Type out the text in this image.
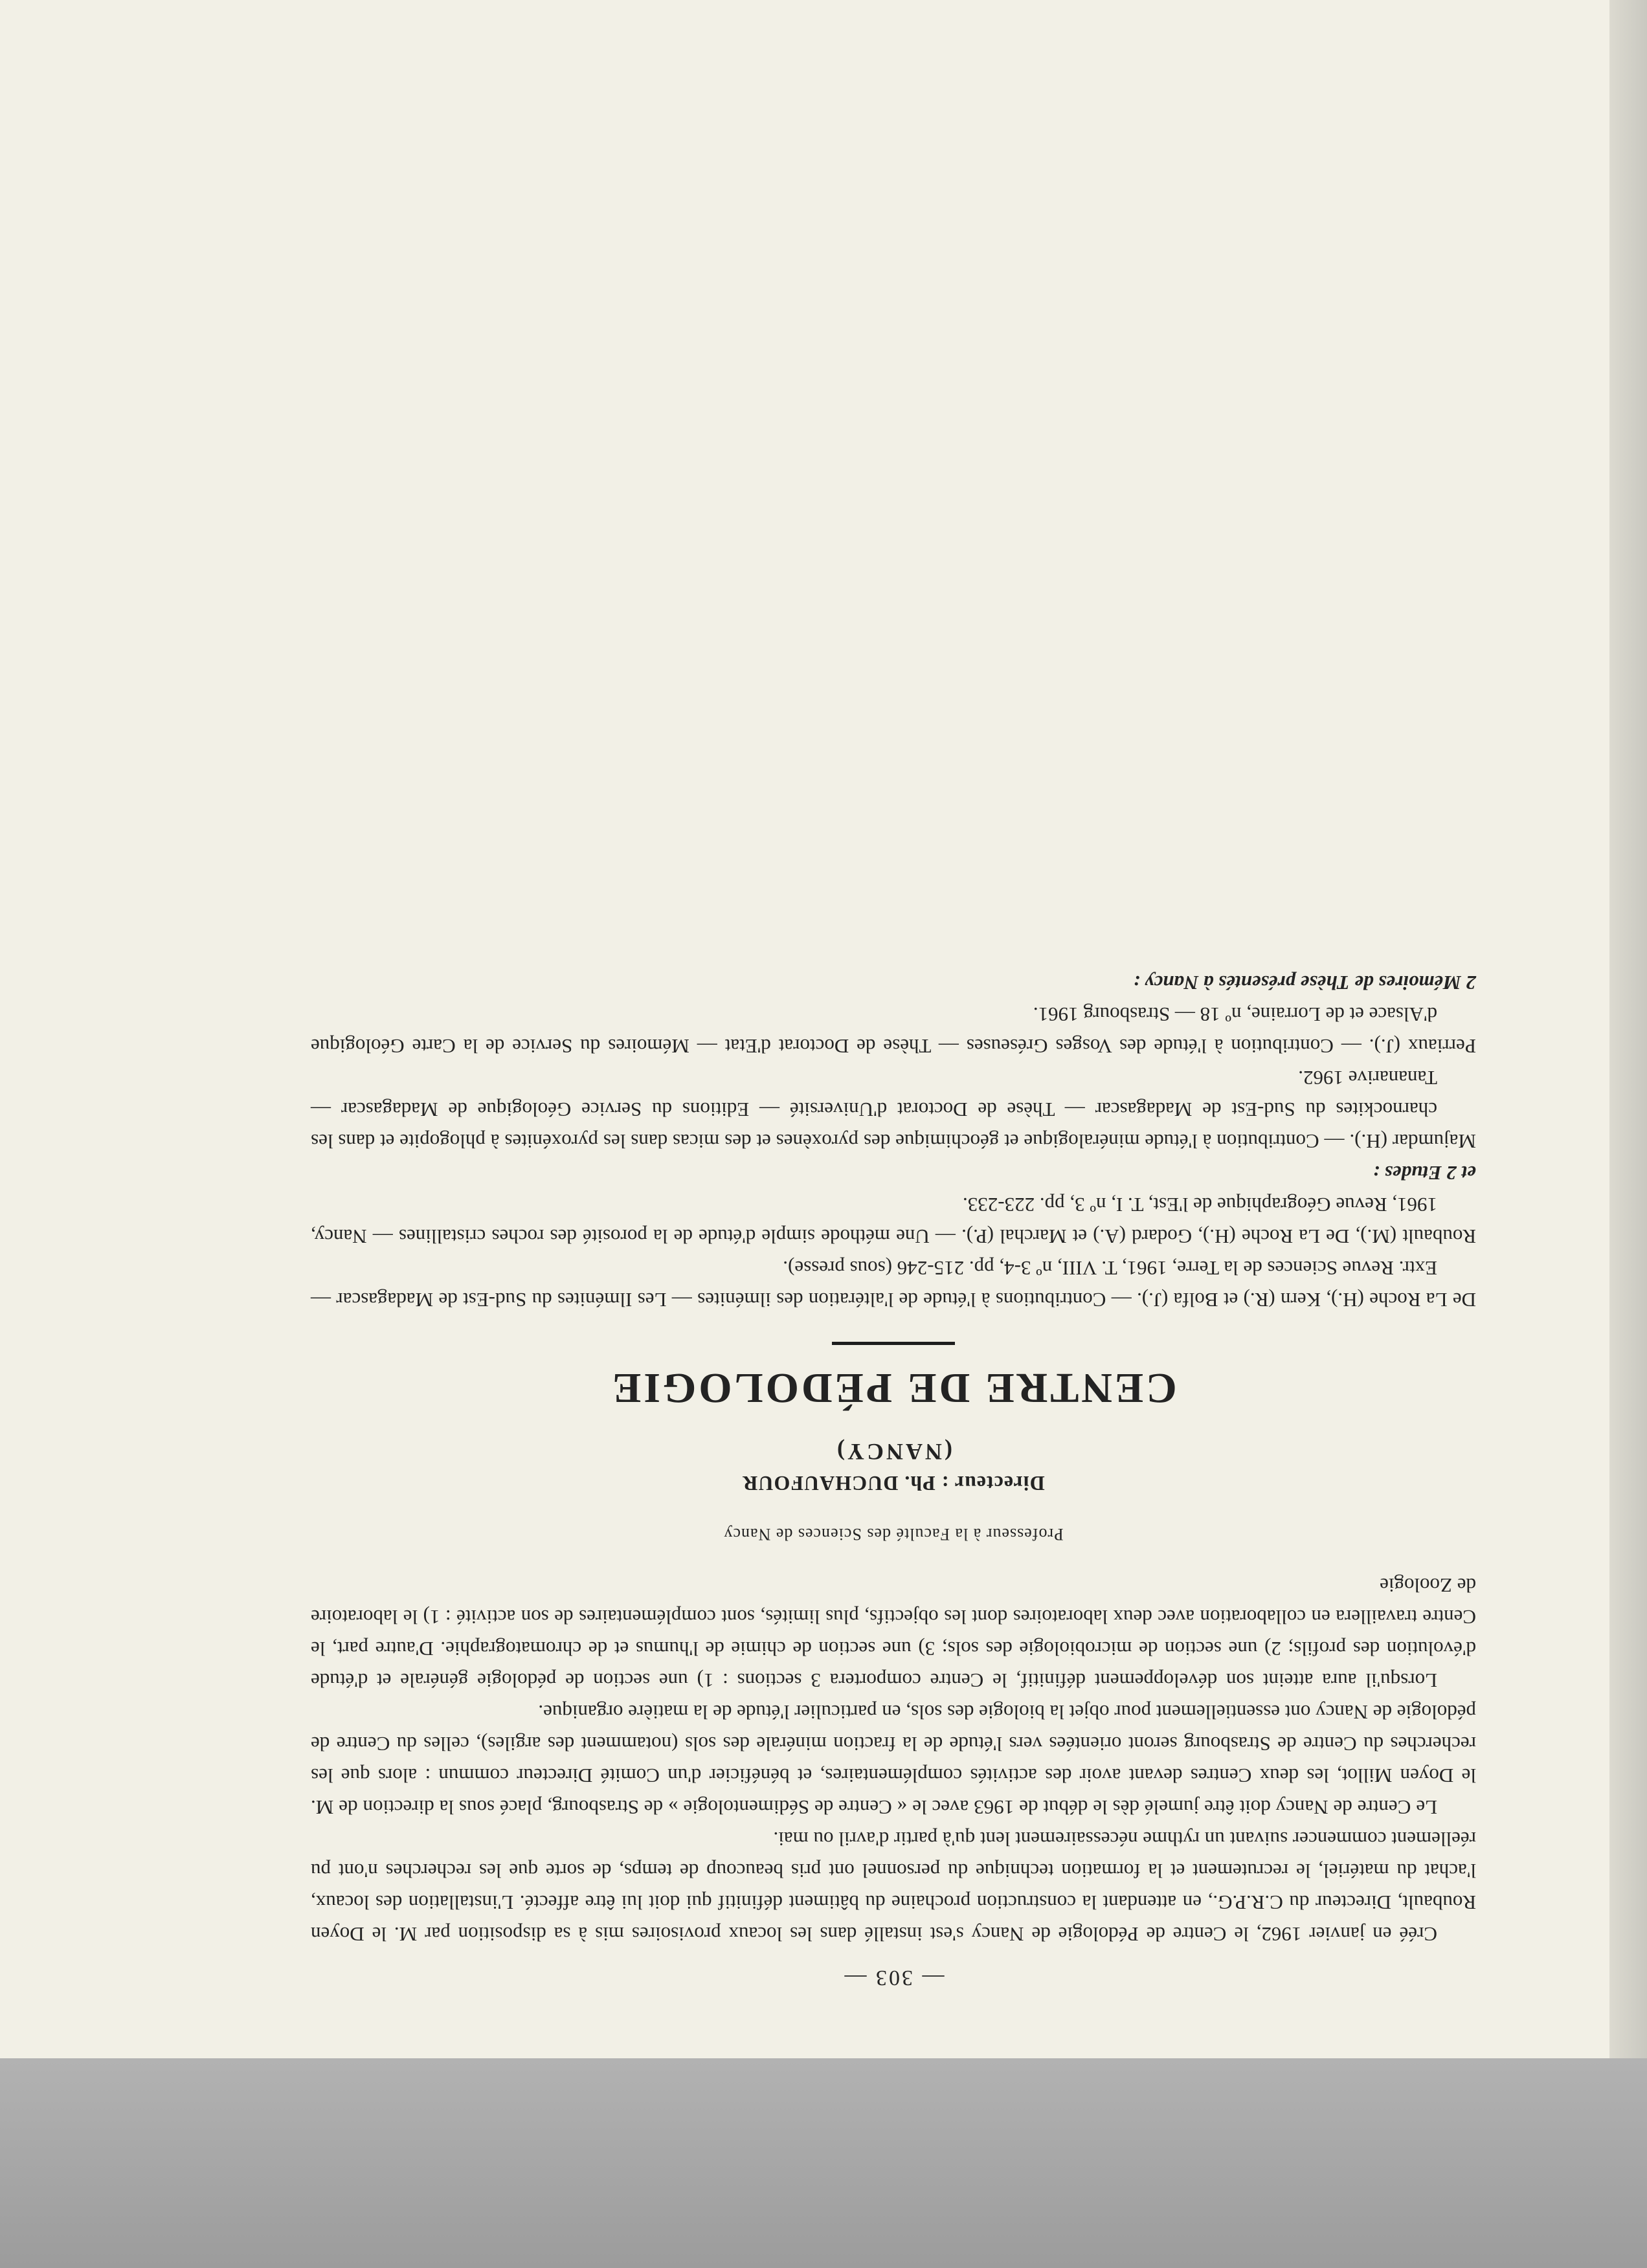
— 303 —

Créé en janvier 1962, le Centre de Pédologie de Nancy s'est installé dans les locaux provisoires mis à sa disposition par M. le Doyen Roubault, Directeur du C.R.P.G., en attendant la construction prochaine du bâtiment définitif qui doit lui être affecté. L'installation des locaux, l'achat du matériel, le recrutement et la formation technique du personnel ont pris beaucoup de temps, de sorte que les recherches n'ont pu réellement commencer suivant un rythme nécessairement lent qu'à partir d'avril ou mai.

Le Centre de Nancy doit être jumelé dès le début de 1963 avec le « Centre de Sédimentologie » de Strasbourg, placé sous la direction de M. le Doyen Millot, les deux Centres devant avoir des activités complémentaires, et bénéficier d'un Comité Directeur commun : alors que les recherches du Centre de Strasbourg seront orientées vers l'étude de la fraction minérale des sols (notamment des argiles), celles du Centre de pédologie de Nancy ont essentiellement pour objet la biologie des sols, en particulier l'étude de la matière organique.

Lorsqu'il aura atteint son développement définitif, le Centre comportera 3 sections : 1) une section de pédologie générale et d'étude d'évolution des profils; 2) une section de microbiologie des sols; 3) une section de chimie de l'humus et de chromatographie. D'autre part, le Centre travaillera en collaboration avec deux laboratoires dont les objectifs, plus limités, sont complémentaires de son activité : 1) le laboratoire de Zoologie

Professeur à la Faculté des Sciences de Nancy
Directeur : Ph. DUCHAUFOUR
(NANCY)
CENTRE DE PÉDOLOGIE

De La Roche (H.), Kern (R.) et Bolfa (J.). — Contributions à l'étude de l'altération des ilménites — Les Ilménites du Sud-Est de Madagascar — Extr. Revue Sciences de la Terre, 1961, T. VIII, nº 3-4, pp. 215-246 (sous presse).

Roubault (M.), De La Roche (H.), Godard (A.) et Marchal (P.). — Une méthode simple d'étude de la porosité des roches cristallines — Nancy, 1961, Revue Géographique de l'Est, T. I, nº 3, pp. 223-233.

et 2 Etudes :

Majumdar (H.). — Contribution à l'étude minéralogique et géochimique des pyroxènes et des micas dans les pyroxénites à phlogopite et dans les charnockites du Sud-Est de Madagascar — Thèse de Doctorat d'Université — Editions du Service Géologique de Madagascar — Tananarive 1962.

Perriaux (J.). — Contribution à l'étude des Vosges Gréseuses — Thèse de Doctorat d'Etat — Mémoires du Service de la Carte Géologique d'Alsace et de Lorraine, nº 18 — Strasbourg 1961.

2 Mémoires de Thèse présentés à Nancy :
